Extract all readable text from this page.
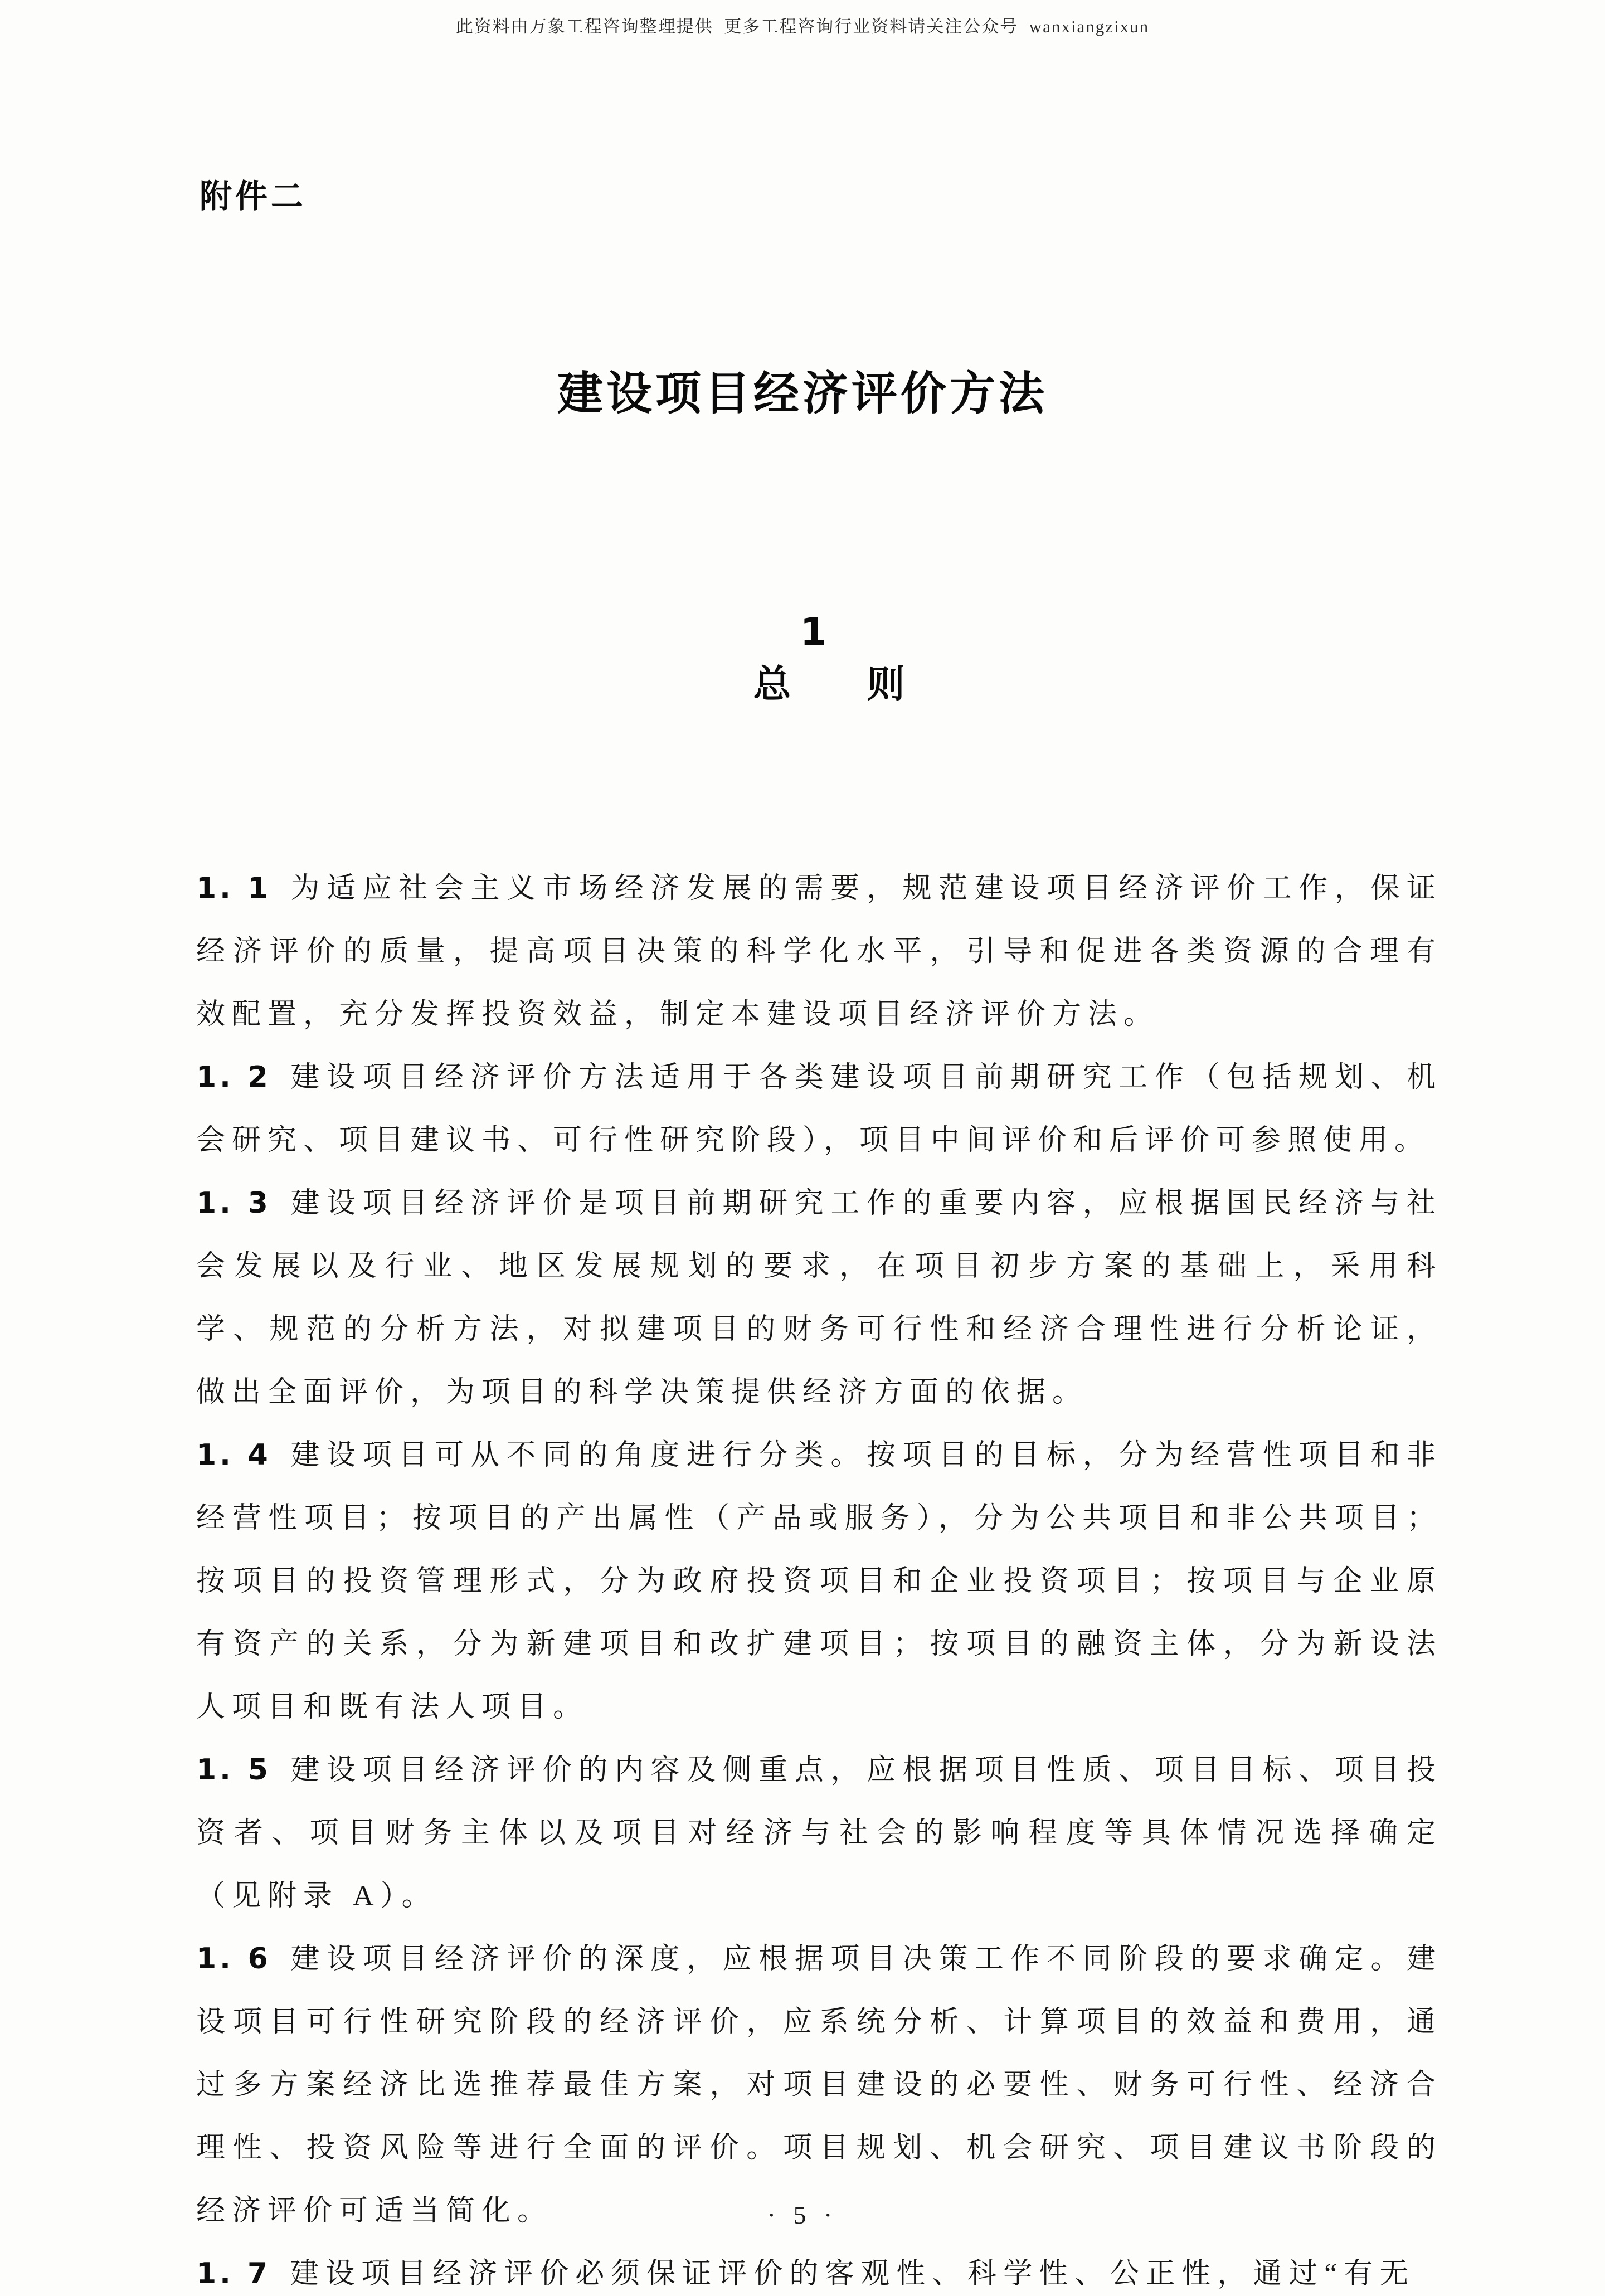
此资料由万象工程咨询整理提供  更多工程咨询行业资料请关注公众号  wanxiangzixun
附件二
建设项目经济评价方法

1
总　　则

1. 1 为适应社会主义市场经济发展的需要，规范建设项目经济评价工作，保证经济评价的质量，提高项目决策的科学化水平，引导和促进各类资源的合理有效配置，充分发挥投资效益，制定本建设项目经济评价方法。

1. 2 建设项目经济评价方法适用于各类建设项目前期研究工作（包括规划、机会研究、项目建议书、可行性研究阶段），项目中间评价和后评价可参照使用。

1. 3 建设项目经济评价是项目前期研究工作的重要内容，应根据国民经济与社会发展以及行业、地区发展规划的要求，在项目初步方案的基础上，采用科学、规范的分析方法，对拟建项目的财务可行性和经济合理性进行分析论证，做出全面评价，为项目的科学决策提供经济方面的依据。

1. 4 建设项目可从不同的角度进行分类。按项目的目标，分为经营性项目和非经营性项目；按项目的产出属性（产品或服务），分为公共项目和非公共项目；按项目的投资管理形式，分为政府投资项目和企业投资项目；按项目与企业原有资产的关系，分为新建项目和改扩建项目；按项目的融资主体，分为新设法人项目和既有法人项目。

1. 5 建设项目经济评价的内容及侧重点，应根据项目性质、项目目标、项目投资者、项目财务主体以及项目对经济与社会的影响程度等具体情况选择确定（见附录 A）。

1. 6 建设项目经济评价的深度，应根据项目决策工作不同阶段的要求确定。建设项目可行性研究阶段的经济评价，应系统分析、计算项目的效益和费用，通过多方案经济比选推荐最佳方案，对项目建设的必要性、财务可行性、经济合理性、投资风险等进行全面的评价。项目规划、机会研究、项目建议书阶段的经济评价可适当简化。

1. 7 建设项目经济评价必须保证评价的客观性、科学性、公正性，通过“有无

· 5 ·
